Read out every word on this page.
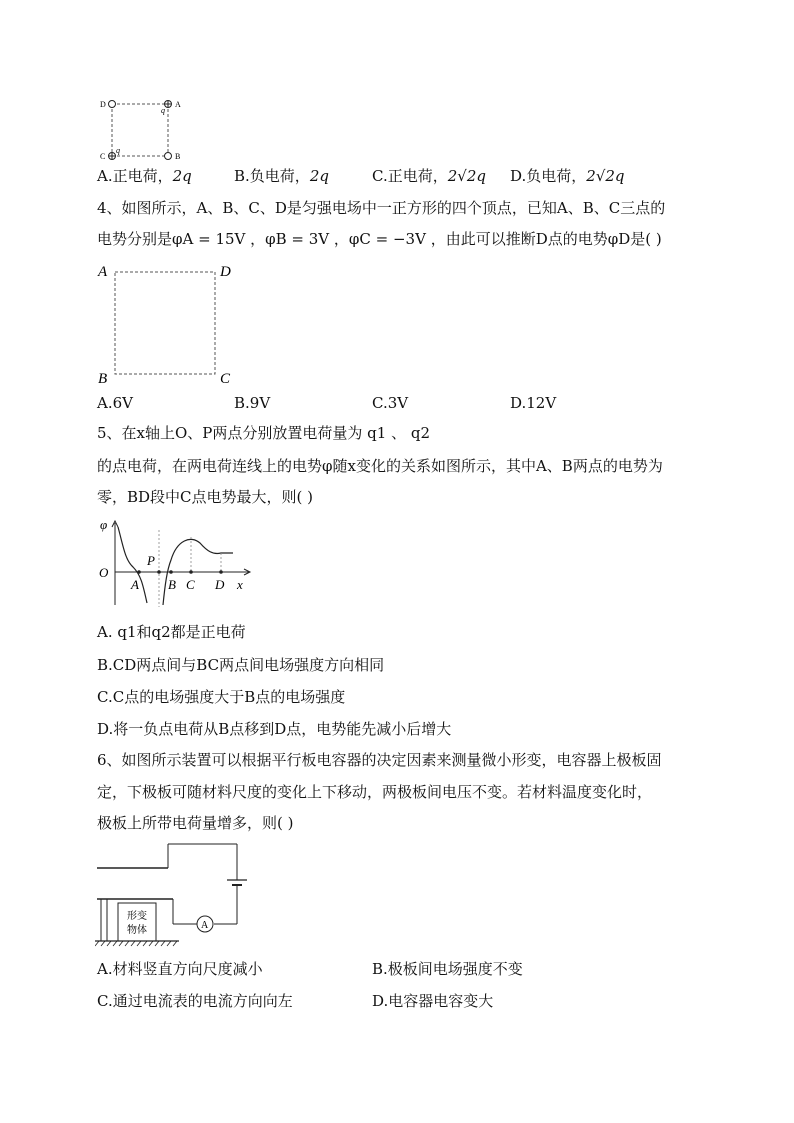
D	A
C	B
q
q
A.正电荷，2q	B.负电荷，2q	C.正电荷，2√2q D.负电荷，2√2q
4、如图所示，A、B、C、D是匀强电场中一正方形的四个顶点，已知A、B、C三点的
电势分别是φA = 15V ，φB = 3V ，φC = −3V ，由此可以推断D点的电势φD是( )
A	D
B	C
A.6V	B.9V	C.3V	D.12V
5、在x轴上O、P两点分别放置电荷量为 q1 、 q2
的点电荷，在两电荷连线上的电势φ随x变化的关系如图所示，其中A、B两点的电势为
零，BD段中C点电势最大，则( )
φ
O
P
A B C D x
A. q1和q2都是正电荷
B.CD两点间与BC两点间电场强度方向相同
C.C点的电场强度大于B点的电场强度
D.将一负点电荷从B点移到D点，电势能先减小后增大
6、如图所示装置可以根据平行板电容器的决定因素来测量微小形变，电容器上极板固
定，下极板可随材料尺度的变化上下移动，两极板间电压不变。若材料温度变化时，
极板上所带电荷量增多，则( )
A
形变
物体
A.材料竖直方向尺度减小	B.极板间电场强度不变
C.通过电流表的电流方向向左	D.电容器电容变大
